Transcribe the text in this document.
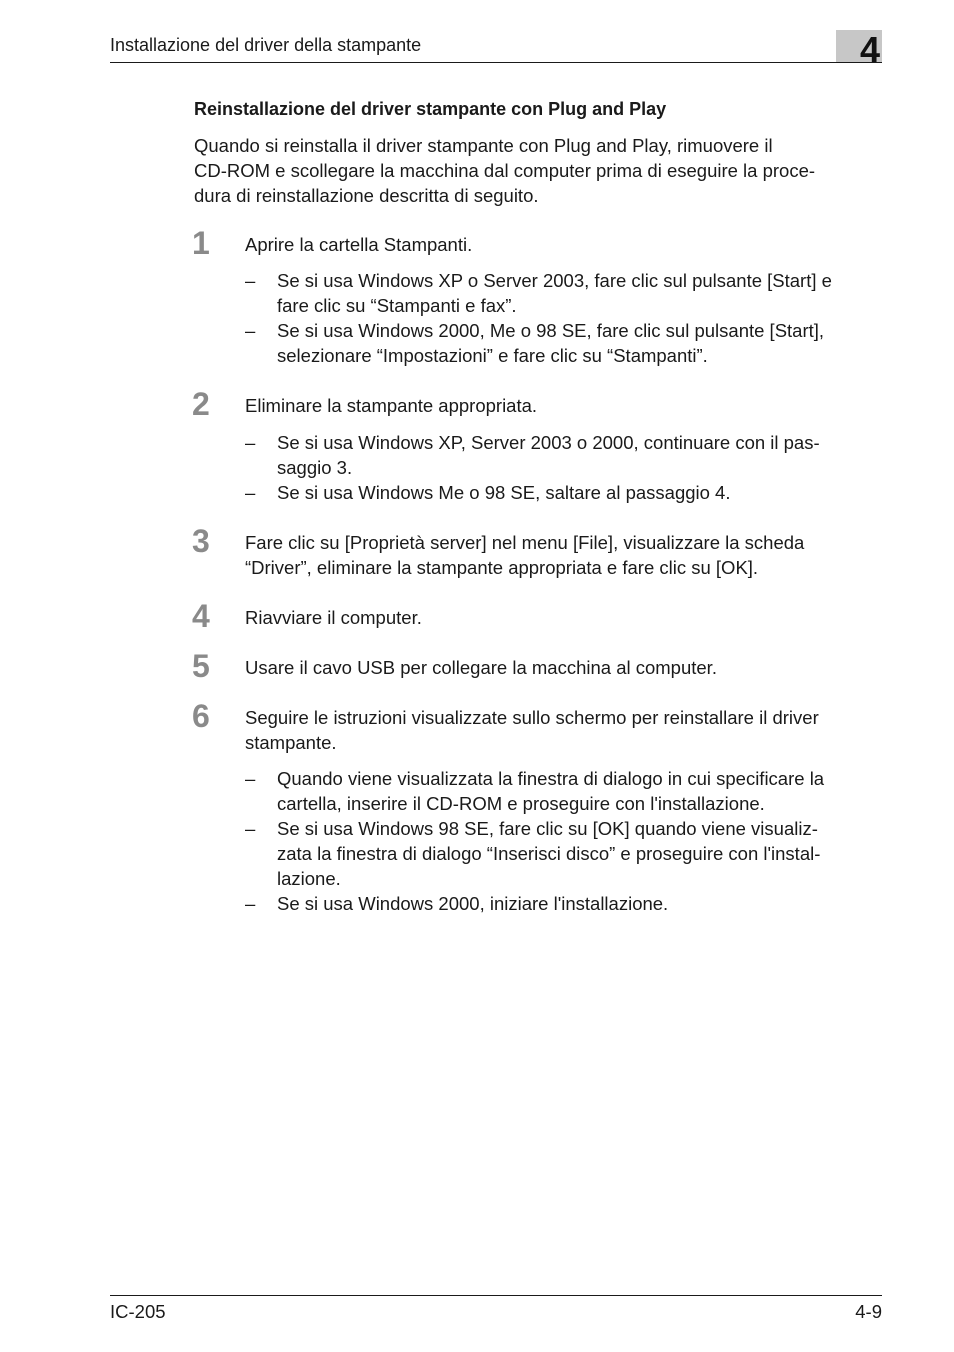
Installazione del driver della stampante	4
Reinstallazione del driver stampante con Plug and Play
Quando si reinstalla il driver stampante con Plug and Play, rimuovere il
CD-ROM e scollegare la macchina dal computer prima di eseguire la proce-
dura di reinstallazione descritta di seguito.
1 Aprire la cartella Stampanti.
– Se si usa Windows XP o Server 2003, fare clic sul pulsante [Start] e
fare clic su “Stampanti e fax”.
– Se si usa Windows 2000, Me o 98 SE, fare clic sul pulsante [Start],
selezionare “Impostazioni” e fare clic su “Stampanti”.
2 Eliminare la stampante appropriata.
– Se si usa Windows XP, Server 2003 o 2000, continuare con il pas-
saggio 3.
– Se si usa Windows Me o 98 SE, saltare al passaggio 4.
3 Fare clic su [Proprietà server] nel menu [File], visualizzare la scheda
“Driver”, eliminare la stampante appropriata e fare clic su [OK].
4 Riavviare il computer.
5 Usare il cavo USB per collegare la macchina al computer.
6 Seguire le istruzioni visualizzate sullo schermo per reinstallare il driver
stampante.
– Quando viene visualizzata la finestra di dialogo in cui specificare la
cartella, inserire il CD-ROM e proseguire con l'installazione.
– Se si usa Windows 98 SE, fare clic su [OK] quando viene visualiz-
zata la finestra di dialogo “Inserisci disco” e proseguire con l'instal-
lazione.
– Se si usa Windows 2000, iniziare l'installazione.
IC-205	4-9
